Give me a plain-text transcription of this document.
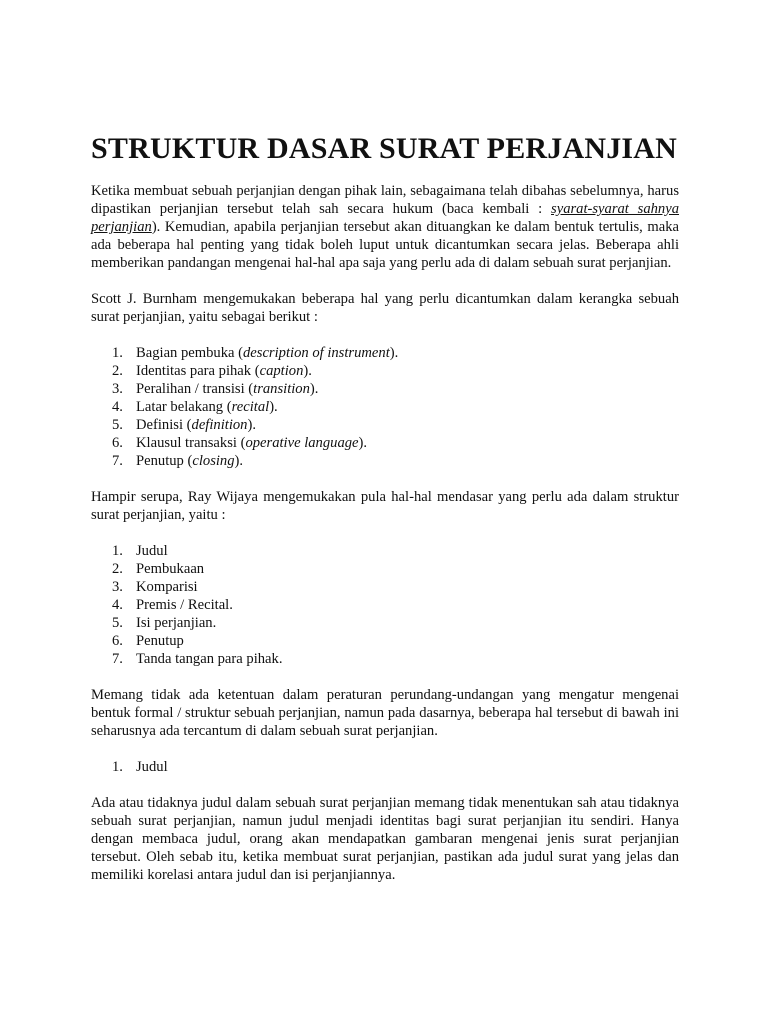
STRUKTUR DASAR SURAT PERJANJIAN

Ketika membuat sebuah perjanjian dengan pihak lain, sebagaimana telah dibahas sebelumnya, harus dipastikan perjanjian tersebut telah sah secara hukum (baca kembali : syarat-syarat sahnya perjanjian). Kemudian, apabila perjanjian tersebut akan dituangkan ke dalam bentuk tertulis, maka ada beberapa hal penting yang tidak boleh luput untuk dicantumkan secara jelas. Beberapa ahli memberikan pandangan mengenai hal-hal apa saja yang perlu ada di dalam sebuah surat perjanjian.

Scott J. Burnham mengemukakan beberapa hal yang perlu dicantumkan dalam kerangka sebuah surat perjanjian, yaitu sebagai berikut :

1. Bagian pembuka (description of instrument).
2. Identitas para pihak (caption).
3. Peralihan / transisi (transition).
4. Latar belakang (recital).
5. Definisi (definition).
6. Klausul transaksi (operative language).
7. Penutup (closing).

Hampir serupa, Ray Wijaya mengemukakan pula hal-hal mendasar yang perlu ada dalam struktur surat perjanjian, yaitu :

1. Judul
2. Pembukaan
3. Komparisi
4. Premis / Recital.
5. Isi perjanjian.
6. Penutup
7. Tanda tangan para pihak.

Memang tidak ada ketentuan dalam peraturan perundang-undangan yang mengatur mengenai bentuk formal / struktur sebuah perjanjian, namun pada dasarnya, beberapa hal tersebut di bawah ini seharusnya ada tercantum di dalam sebuah surat perjanjian.

1. Judul

Ada atau tidaknya judul dalam sebuah surat perjanjian memang tidak menentukan sah atau tidaknya sebuah surat perjanjian, namun judul menjadi identitas bagi surat perjanjian itu sendiri. Hanya dengan membaca judul, orang akan mendapatkan gambaran mengenai jenis surat perjanjian tersebut. Oleh sebab itu, ketika membuat surat perjanjian, pastikan ada judul surat yang jelas dan memiliki korelasi antara judul dan isi perjanjiannya.
